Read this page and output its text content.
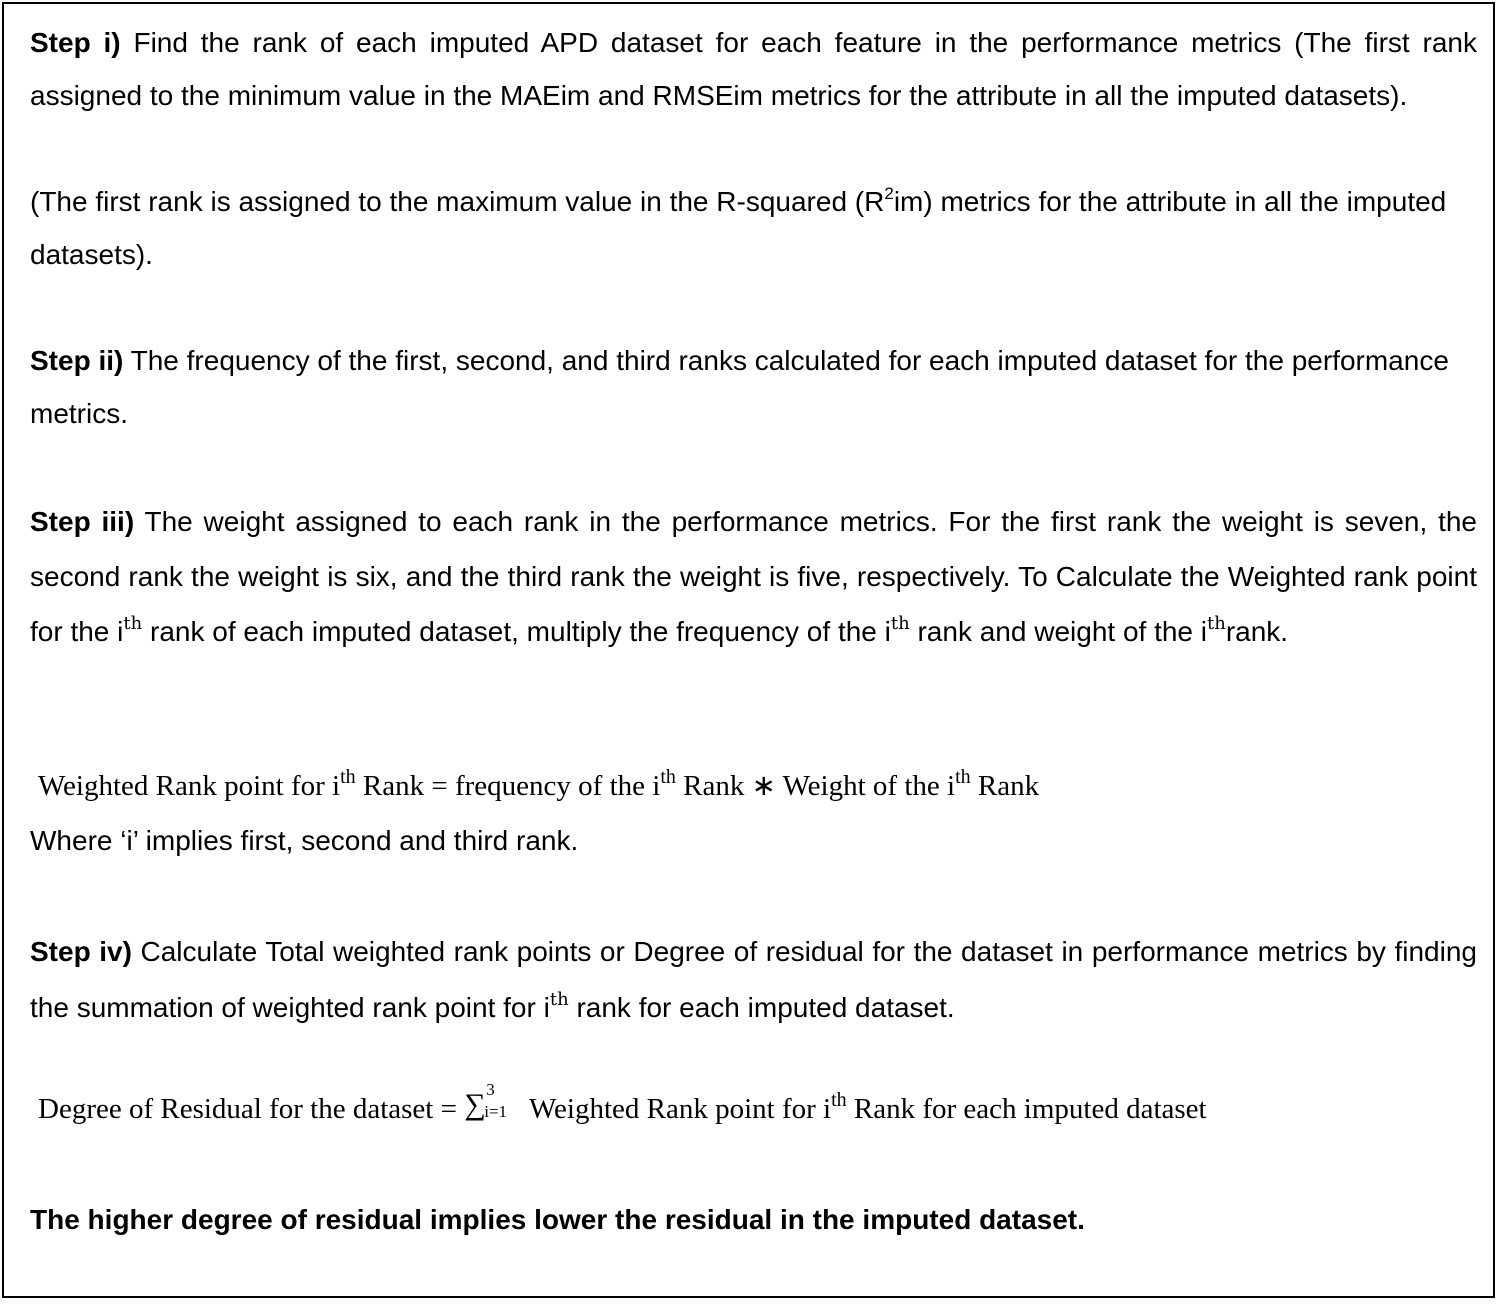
Step i) Find the rank of each imputed APD dataset for each feature in the performance metrics (The first rank assigned to the minimum value in the MAEim and RMSEim metrics for the attribute in all the imputed datasets).

(The first rank is assigned to the maximum value in the R-squared $(R^2im)$ metrics for the attribute in all the imputed datasets).

Step ii) The frequency of the first, second, and third ranks calculated for each imputed dataset for the performance metrics.

Step iii) The weight assigned to each rank in the performance metrics. For the first rank the weight is seven, the second rank the weight is six, and the third rank the weight is five, respectively. To Calculate the Weighted rank point for the $i^{th}$ rank of each imputed dataset, multiply the frequency of the $i^{th}$ rank and weight of the $i^{th}rank$.

Weighted Rank point for $i^{th}$ Rank = frequency of the $i^{th}$ Rank ∗ Weight of the $i^{th}$ Rank

Where ‘i’ implies first, second and third rank.

Step iv) Calculate Total weighted rank points or Degree of residual for the dataset in performance metrics by finding the summation of weighted rank point for $i^{th}$ rank for each imputed dataset.

Degree of Residual for the dataset = ∑ 3
i=1 Weighted Rank point for $i^{th}$ Rank for each imputed dataset

The higher degree of residual implies lower the residual in the imputed dataset.
